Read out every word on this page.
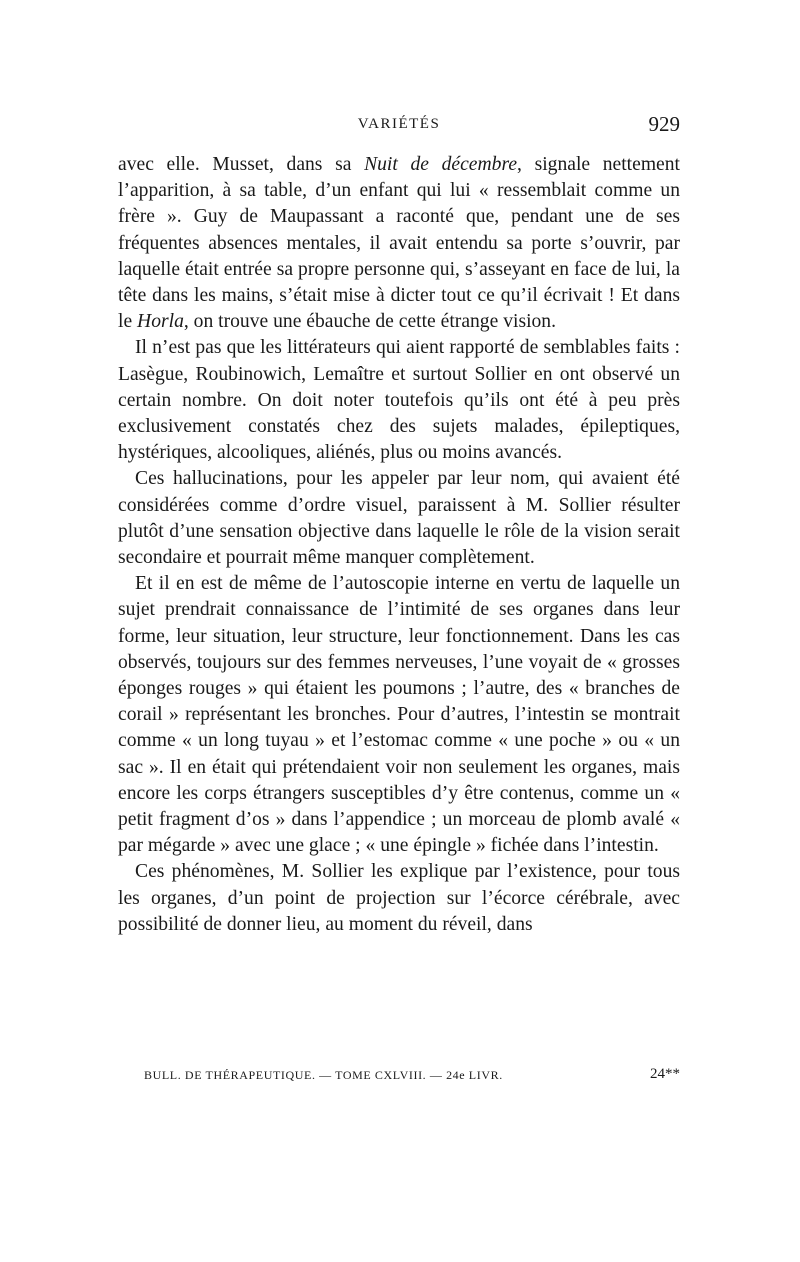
VARIÉTÉS	929

avec elle. Musset, dans sa Nuit de décembre, signale nettement l’apparition, à sa table, d’un enfant qui lui « ressemblait comme un frère ». Guy de Maupassant a raconté que, pendant une de ses fréquentes absences mentales, il avait entendu sa porte s’ouvrir, par laquelle était entrée sa propre personne qui, s’asseyant en face de lui, la tête dans les mains, s’était mise à dicter tout ce qu’il écrivait ! Et dans le Horla, on trouve une ébauche de cette étrange vision.

Il n’est pas que les littérateurs qui aient rapporté de semblables faits : Lasègue, Roubinowich, Lemaître et surtout Sollier en ont observé un certain nombre. On doit noter toutefois qu’ils ont été à peu près exclusivement constatés chez des sujets malades, épileptiques, hystériques, alcooliques, aliénés, plus ou moins avancés.

Ces hallucinations, pour les appeler par leur nom, qui avaient été considérées comme d’ordre visuel, paraissent à M. Sollier résulter plutôt d’une sensation objective dans laquelle le rôle de la vision serait secondaire et pourrait même manquer complètement.

Et il en est de même de l’autoscopie interne en vertu de laquelle un sujet prendrait connaissance de l’intimité de ses organes dans leur forme, leur situation, leur structure, leur fonctionnement. Dans les cas observés, toujours sur des femmes nerveuses, l’une voyait de « grosses éponges rouges » qui étaient les poumons ; l’autre, des « branches de corail » représentant les bronches. Pour d’autres, l’intestin se montrait comme « un long tuyau » et l’estomac comme « une poche » ou « un sac ». Il en était qui prétendaient voir non seulement les organes, mais encore les corps étrangers susceptibles d’y être contenus, comme un « petit fragment d’os » dans l’appendice ; un morceau de plomb avalé « par mégarde » avec une glace ; « une épingle » fichée dans l’intestin.

Ces phénomènes, M. Sollier les explique par l’existence, pour tous les organes, d’un point de projection sur l’écorce cérébrale, avec possibilité de donner lieu, au moment du réveil, dans

BULL. DE THÉRAPEUTIQUE. — TOME CXLVIII. — 24e LIVR.	24**
